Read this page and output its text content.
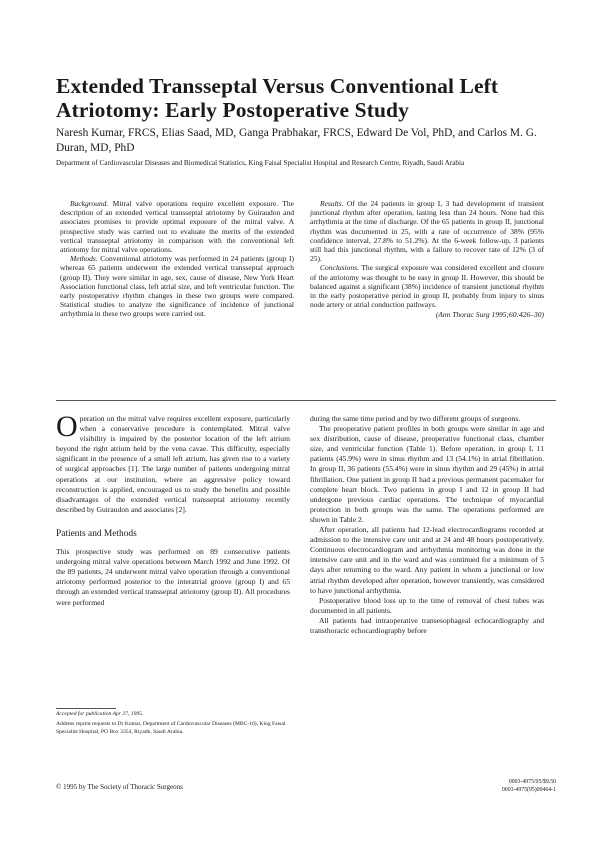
Extended Transseptal Versus Conventional Left Atriotomy: Early Postoperative Study
Naresh Kumar, FRCS, Elias Saad, MD, Ganga Prabhakar, FRCS, Edward De Vol, PhD, and Carlos M. G. Duran, MD, PhD
Department of Cardiovascular Diseases and Biomedical Statistics, King Faisal Specialist Hospital and Research Centre, Riyadh, Saudi Arabia

Background. Mitral valve operations require excellent exposure. The description of an extended vertical transseptal atriotomy by Guiraudon and associates promises to provide optimal exposure of the mitral valve. A prospective study was carried out to evaluate the merits of the extended vertical transseptal atriotomy in comparison with the conventional left atriotomy for mitral valve operations.

Methods. Conventional atriotomy was performed in 24 patients (group I) whereas 65 patients underwent the extended vertical transseptal approach (group II). They were similar in age, sex, cause of disease, New York Heart Association functional class, left atrial size, and left ventricular function. The early postoperative rhythm changes in these two groups were compared. Statistical studies to analyze the significance of incidence of junctional arrhythmia in these two groups were carried out.

Results. Of the 24 patients in group I, 3 had development of transient junctional rhythm after operation, lasting less than 24 hours. None had this arrhythmia at the time of discharge. Of the 65 patients in group II, junctional rhythm was documented in 25, with a rate of occurrence of 38% (95% confidence interval, 27.8% to 51.2%). At the 6-week follow-up, 3 patients still had this junctional rhythm, with a failure to recover rate of 12% (3 of 25).

Conclusions. The surgical exposure was considered excellent and closure of the atriotomy was thought to be easy in group II. However, this should be balanced against a significant (38%) incidence of transient junctional rhythm in the early postoperative period in group II, probably from injury to sinus node artery or atrial conduction pathways.

(Ann Thorac Surg 1995;60:426–30)

Operation on the mitral valve requires excellent exposure, particularly when a conservative procedure is contemplated. Mitral valve visibility is impaired by the posterior location of the left atrium beyond the right atrium held by the vena cavae. This difficulty, especially significant in the presence of a small left atrium, has given rise to a variety of surgical approaches [1]. The large number of patients undergoing mitral operations at our institution, where an aggressive policy toward reconstruction is applied, encouraged us to study the benefits and possible disadvantages of the extended vertical transseptal atriotomy recently described by Guiraudon and associates [2].

Patients and Methods

This prospective study was performed on 89 consecutive patients undergoing mitral valve operations between March 1992 and June 1992. Of the 89 patients, 24 underwent mitral valve operation through a conventional atriotomy performed posterior to the interatrial groove (group I) and 65 through an extended vertical transseptal atriotomy (group II). All procedures were performed

Accepted for publication Apr 27, 1995.

Address reprint requests to Dr Kumar, Department of Cardiovascular Diseases (MBC-16), King Faisal Specialist Hospital, PO Box 3354, Riyadh, Saudi Arabia.

during the same time period and by two different groups of surgeons.

The preoperative patient profiles in both groups were similar in age and sex distribution, cause of disease, preoperative functional class, chamber size, and ventricular function (Table 1). Before operation, in group I, 11 patients (45.9%) were in sinus rhythm and 13 (54.1%) in atrial fibrillation. In group II, 36 patients (55.4%) were in sinus rhythm and 29 (45%) in atrial fibrillation. One patient in group II had a previous permanent pacemaker for complete heart block. Two patients in group I and 12 in group II had undergone previous cardiac operations. The technique of myocardial protection in both groups was the same. The operations performed are shown in Table 2.

After operation, all patients had 12-lead electrocardiograms recorded at admission to the intensive care unit and at 24 and 48 hours postoperatively. Continuous electrocardiogram and arrhythmia monitoring was done in the intensive care unit and in the ward and was continued for a minimum of 5 days after returning to the ward. Any patient in whom a junctional or low atrial rhythm developed after operation, however transiently, was considered to have junctional arrhythmia.

Postoperative blood loss up to the time of removal of chest tubes was documented in all patients.

All patients had intraoperative transesophageal echocardiography and transthoracic echocardiography before

© 1995 by The Society of Thoracic Surgeons
0003-4975/95/$9.50
0003-4975(95)00464-1
